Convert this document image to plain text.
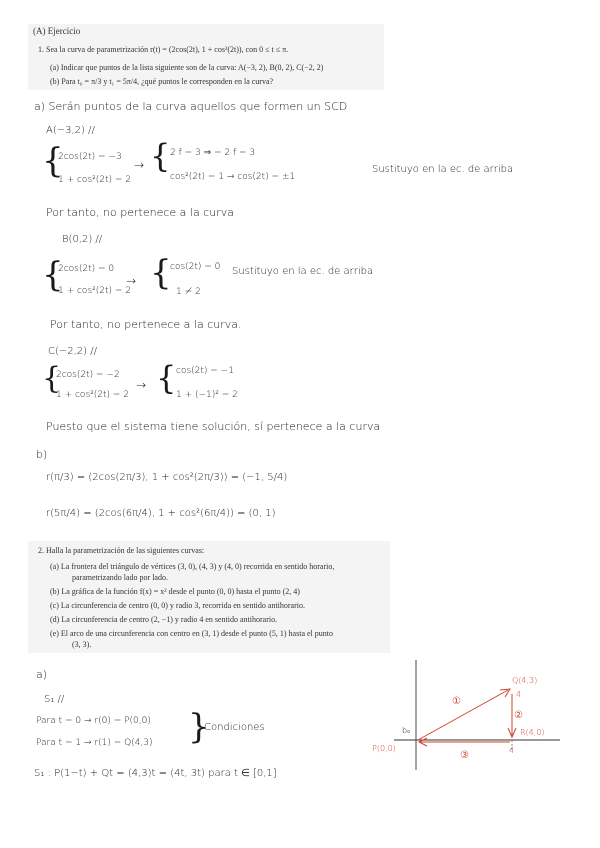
(A) Ejercicio
1. Sea la curva de parametrización r(t) = (2cos(2t), 1 + cos²(2t)), con 0 ≤ t ≤ π.
(a) Indicar que puntos de la lista siguiente son de la curva: A(−3, 2), B(0, 2), C(−2, 2)
(b) Para t₀ = π/3 y t₁ = 5π/4, ¿qué puntos le corresponden en la curva?
a) Serán puntos de la curva aquellos que formen un SCD
A(−3,2) //
{
2cos(2t) = −3
1 + cos²(2t) = 2
→ { 2 f = 3 ⇒ = 2 f = 3
cos²(2t) = 1 → cos(2t) = ±1
Sustituyo en la ec. de arriba
Por tanto, no pertenece a la curva
B(0,2) //
{
2cos(2t) = 0
1 + cos²(2t) = 2
→ {
cos(2t) = 0
1 ≠ 2
Sustituyo en la ec. de arriba
Por tanto, no pertenece a la curva.
C(−2,2) //
{
2cos(2t) = −2
1 + cos²(2t) = 2
→ { cos(2t) = −1
1 + (−1)² = 2
Puesto que el sistema tiene solución, sí pertenece a la curva
b)
r(π/3) = (2cos(2π/3), 1 + cos²(2π/3)) = (−1, 5/4)
r(5π/4) = (2cos(6π/4), 1 + cos²(6π/4)) = (0, 1)
2. Halla la parametrización de las siguientes curvas:
(a) La frontera del triángulo de vértices (3, 0), (4, 3) y (4, 0) recorrida en sentido horario,
parametrizando lado por lado.
(b) La gráfica de la función f(x) = x² desde el punto (0, 0) hasta el punto (2, 4)
(c) La circunferencia de centro (0, 0) y radio 3, recorrida en sentido antihorario.
(d) La circunferencia de centro (2, −1) y radio 4 en sentido antihorario.
(e) El arco de una circunferencia con centro en (3, 1) desde el punto (5, 1) hasta el punto
(3, 3).
a)
S₁ //
Para t = 0 → r(0) = P(0,0)
Para t = 1 → r(1) = Q(4,3) }
Condiciones
S₁ : P(1−t) + Qt = (4,3)t = (4t, 3t) para t ∈ [0,1]
Q(4,3)
R(4,0)
P(0,0)
b₀
4
4
①
②
③
